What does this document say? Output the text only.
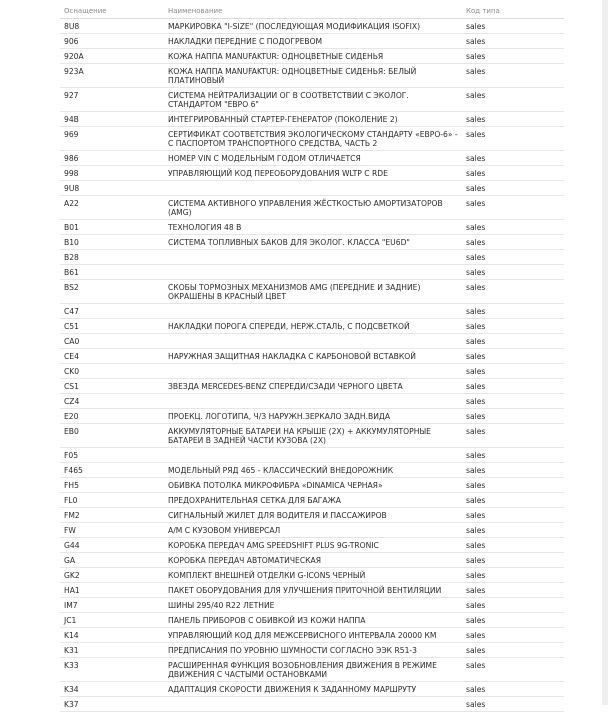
Оснащение	Наименование	Код типа
8U8	МАРКИРОВКА "I-SIZE" (ПОСЛЕДУЮЩАЯ МОДИФИКАЦИЯ ISOFIX)	sales
906	НАКЛАДКИ ПЕРЕДНИЕ С ПОДОГРЕВОМ	sales
920A	КОЖА НАППА MANUFAKTUR: ОДНОЦВЕТНЫЕ СИДЕНЬЯ	sales
923A	КОЖА НАППА MANUFAKTUR: ОДНОЦВЕТНЫЕ СИДЕНЬЯ: БЕЛЫЙ ПЛАТИНОВЫЙ	sales
927	СИСТЕМА НЕЙТРАЛИЗАЦИИ ОГ В СООТВЕТСТВИИ С ЭКОЛОГ. СТАНДАРТОМ "ЕВРО 6"	sales
94B	ИНТЕГРИРОВАННЫЙ СТАРТЕР-ГЕНЕРАТОР (ПОКОЛЕНИЕ 2)	sales
969	СЕРТИФИКАТ СООТВЕТСТВИЯ ЭКОЛОГИЧЕСКОМУ СТАНДАРТУ «ЕВРО-6» - С ПАСПОРТОМ ТРАНСПОРТНОГО СРЕДСТВА, ЧАСТЬ 2	sales
986	НОМЕР VIN С МОДЕЛЬНЫМ ГОДОМ ОТЛИЧАЕТСЯ	sales
998	УПРАВЛЯЮЩИЙ КОД ПЕРЕОБОРУДОВАНИЯ WLTP С RDE	sales
9U8		sales
A22	СИСТЕМА АКТИВНОГО УПРАВЛЕНИЯ ЖЁСТКОСТЬЮ АМОРТИЗАТОРОВ (AMG)	sales
B01	ТЕХНОЛОГИЯ 48 В	sales
B10	СИСТЕМА ТОПЛИВНЫХ БАКОВ ДЛЯ ЭКОЛОГ. КЛАССА "EU6D"	sales
B28		sales
B61		sales
BS2	СКОБЫ ТОРМОЗНЫХ МЕХАНИЗМОВ AMG (ПЕРЕДНИЕ И ЗАДНИЕ) ОКРАШЕНЫ В КРАСНЫЙ ЦВЕТ	sales
C47		sales
C51	НАКЛАДКИ ПОРОГА СПЕРЕДИ, НЕРЖ.СТАЛЬ, С ПОДСВЕТКОЙ	sales
CA0		sales
CE4	НАРУЖНАЯ ЗАЩИТНАЯ НАКЛАДКА С КАРБОНОВОЙ ВСТАВКОЙ	sales
CK0		sales
CS1	ЗВЕЗДА MERCEDES-BENZ СПЕРЕДИ/СЗАДИ ЧЕРНОГО ЦВЕТА	sales
CZ4		sales
E20	ПРОЕКЦ. ЛОГОТИПА, Ч/З НАРУЖН.ЗЕРКАЛО ЗАДН.ВИДА	sales
EB0	АККУМУЛЯТОРНЫЕ БАТАРЕИ НА КРЫШЕ (2X) + АККУМУЛЯТОРНЫЕ БАТАРЕИ В ЗАДНЕЙ ЧАСТИ КУЗОВА (2X)	sales
F05		sales
F465	МОДЕЛЬНЫЙ РЯД 465 - КЛАССИЧЕСКИЙ ВНЕДОРОЖНИК	sales
FH5	ОБИВКА ПОТОЛКА МИКРОФИБРА «DINAMICA ЧЕРНАЯ»	sales
FL0	ПРЕДОХРАНИТЕЛЬНАЯ СЕТКА ДЛЯ БАГАЖА	sales
FM2	СИГНАЛЬНЫЙ ЖИЛЕТ ДЛЯ ВОДИТЕЛЯ И ПАССАЖИРОВ	sales
FW	А/М С КУЗОВОМ УНИВЕРСАЛ	sales
G44	КОРОБКА ПЕРЕДАЧ AMG SPEEDSHIFT PLUS 9G-TRONIC	sales
GA	КОРОБКА ПЕРЕДАЧ АВТОМАТИЧЕСКАЯ	sales
GK2	КОМПЛЕКТ ВНЕШНЕЙ ОТДЕЛКИ G-ICONS ЧЕРНЫЙ	sales
HA1	ПАКЕТ ОБОРУДОВАНИЯ ДЛЯ УЛУЧШЕНИЯ ПРИТОЧНОЙ ВЕНТИЛЯЦИИ	sales
IM7	ШИНЫ 295/40 R22 ЛЕТНИЕ	sales
JC1	ПАНЕЛЬ ПРИБОРОВ С ОБИВКОЙ ИЗ КОЖИ НАППА	sales
K14	УПРАВЛЯЮЩИЙ КОД ДЛЯ МЕЖСЕРВИСНОГО ИНТЕРВАЛА 20000 КМ	sales
K31	ПРЕДПИСАНИЯ ПО УРОВНЮ ШУМНОСТИ СОГЛАСНО ЭЭК R51-3	sales
K33	РАСШИРЕННАЯ ФУНКЦИЯ ВОЗОБНОВЛЕНИЯ ДВИЖЕНИЯ В РЕЖИМЕ ДВИЖЕНИЯ С ЧАСТЫМИ ОСТАНОВКАМИ	sales
K34	АДАПТАЦИЯ СКОРОСТИ ДВИЖЕНИЯ К ЗАДАННОМУ МАРШРУТУ	sales
K37		sales
